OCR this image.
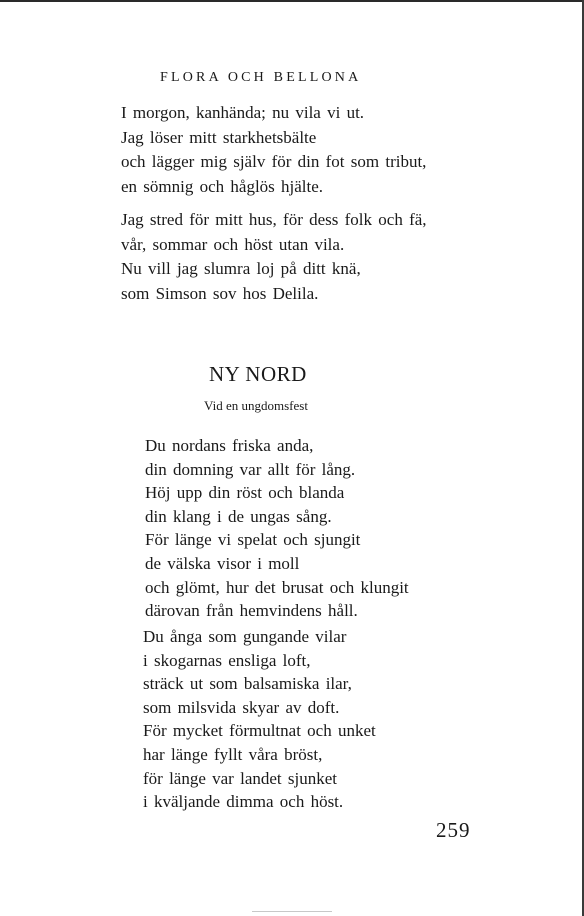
FLORA OCH BELLONA
I morgon, kanhända; nu vila vi ut.
Jag löser mitt starkhetsbälte
och lägger mig själv för din fot som tribut,
en sömnig och håglös hjälte.
Jag stred för mitt hus, för dess folk och fä,
vår, sommar och höst utan vila.
Nu vill jag slumra loj på ditt knä,
som Simson sov hos Delila.
NY NORD
Vid en ungdomsfest
Du nordans friska anda,
din domning var allt för lång.
Höj upp din röst och blanda
din klang i de ungas sång.
För länge vi spelat och sjungit
de välska visor i moll
och glömt, hur det brusat och klungit
därovan från hemvindens håll.
Du ånga som gungande vilar
i skogarnas ensliga loft,
sträck ut som balsamiska ilar,
som milsvida skyar av doft.
För mycket förmultnat och unket
har länge fyllt våra bröst,
för länge var landet sjunket
i kväljande dimma och höst.
259
